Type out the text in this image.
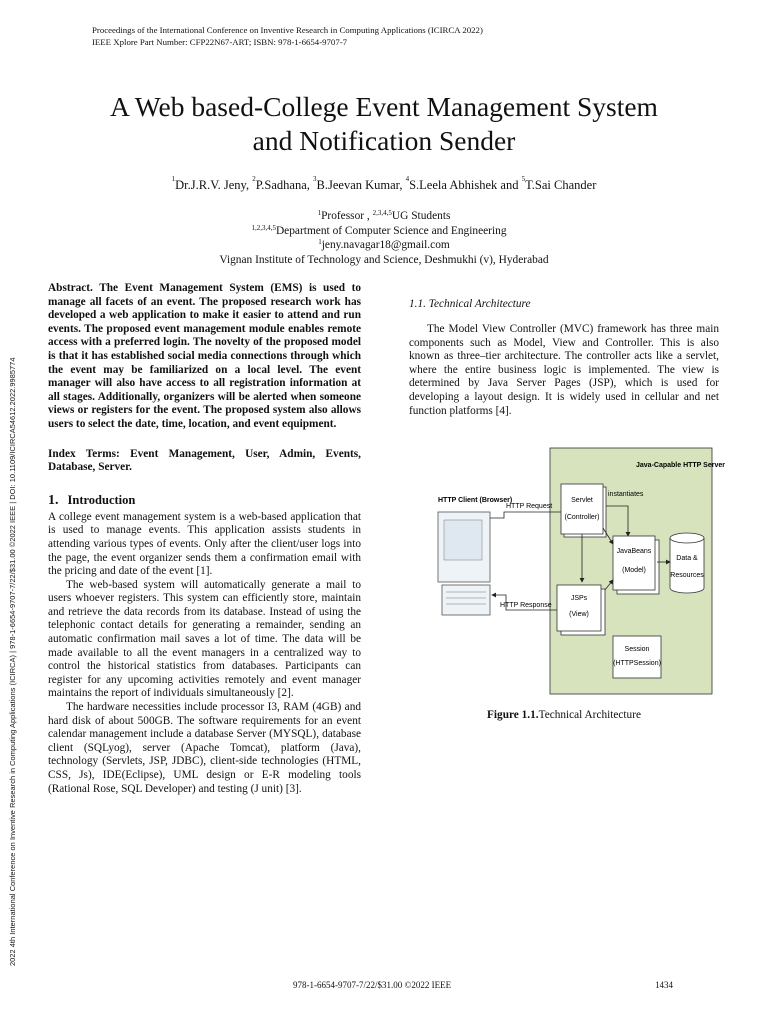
Proceedings of the International Conference on Inventive Research in Computing Applications (ICIRCA 2022)
IEEE Xplore Part Number: CFP22N67-ART; ISBN: 978-1-6654-9707-7
2022 4th International Conference on Inventive Research in Computing Applications (ICIRCA) | 978-1-6654-9707-7/22/$31.00 ©2022 IEEE | DOI: 10.1109/ICIRCA54612.2022.9985774
A Web based-College Event Management System
and Notification Sender
$^1$Dr.J.R.V. Jeny, $^2$P.Sadhana, $^3$B.Jeevan Kumar, $^4$S.Leela Abhishek and $^5$T.Sai Chander
$^1$Professor , $^{2,3,4,5}$UG Students
$^{1,2,3,4,5}$Department of Computer Science and Engineering
$^1$jeny.navagar18@gmail.com
Vignan Institute of Technology and Science, Deshmukhi (v), Hyderabad

Abstract. The Event Management System (EMS) is used to manage all facets of an event. The proposed research work has developed a web application to make it easier to attend and run events. The proposed event management module enables remote access with a preferred login. The novelty of the proposed model is that it has established social media connections through which the event may be familiarized on a local level. The event manager will also have access to all registration information at all stages. Additionally, organizers will be alerted when someone views or registers for the event. The proposed system also allows users to select the date, time, location, and event equipment.

Index Terms: Event Management, User, Admin, Events, Database, Server.

1. Introduction

A college event management system is a web-based application that is used to manage events. This application assists students in attending various types of events. Only after the client/user logs into the page, the event organizer sends them a confirmation email with the pricing and date of the event [1].

The web-based system will automatically generate a mail to users whoever registers. This system can efficiently store, maintain and retrieve the data records from its database. Instead of using the telephonic contact details for generating a remainder, sending an automatic confirmation mail saves a lot of time. The data will be made available to all the event managers in a centralized way to control the historical statistics from databases. Participants can register for any upcoming activities remotely and event manager maintains the report of individuals simultaneously [2].

The hardware necessities include processor I3, RAM (4GB) and hard disk of about 500GB. The software requirements for an event calendar management include a database Server (MYSQL), database client (SQLyog), server (Apache Tomcat), platform (Java), technology (Servlets, JSP, JDBC), client-side technologies (HTML, CSS, Js), IDE(Eclipse), UML design or E-R modeling tools (Rational Rose, SQL Developer) and testing (J unit) [3].

1.1. Technical Architecture

The Model View Controller (MVC) framework has three main components such as Model, View and Controller. This is also known as three–tier architecture. The controller acts like a servlet, where the entire business logic is implemented. The view is determined by Java Server Pages (JSP), which is used for developing a layout design. It is widely used in cellular and net function platforms [4].

Java-Capable HTTP Server
HTTP Client (Browser)
HTTP Request
HTTP Response
Servlet
(Controller)
instantiates
JavaBeans
(Model)
Data &
Resources
JSPs
(View)
Session
(HTTPSession)
Figure 1.1.Technical Architecture
978-1-6654-9707-7/22/$31.00 ©2022 IEEE	1434
